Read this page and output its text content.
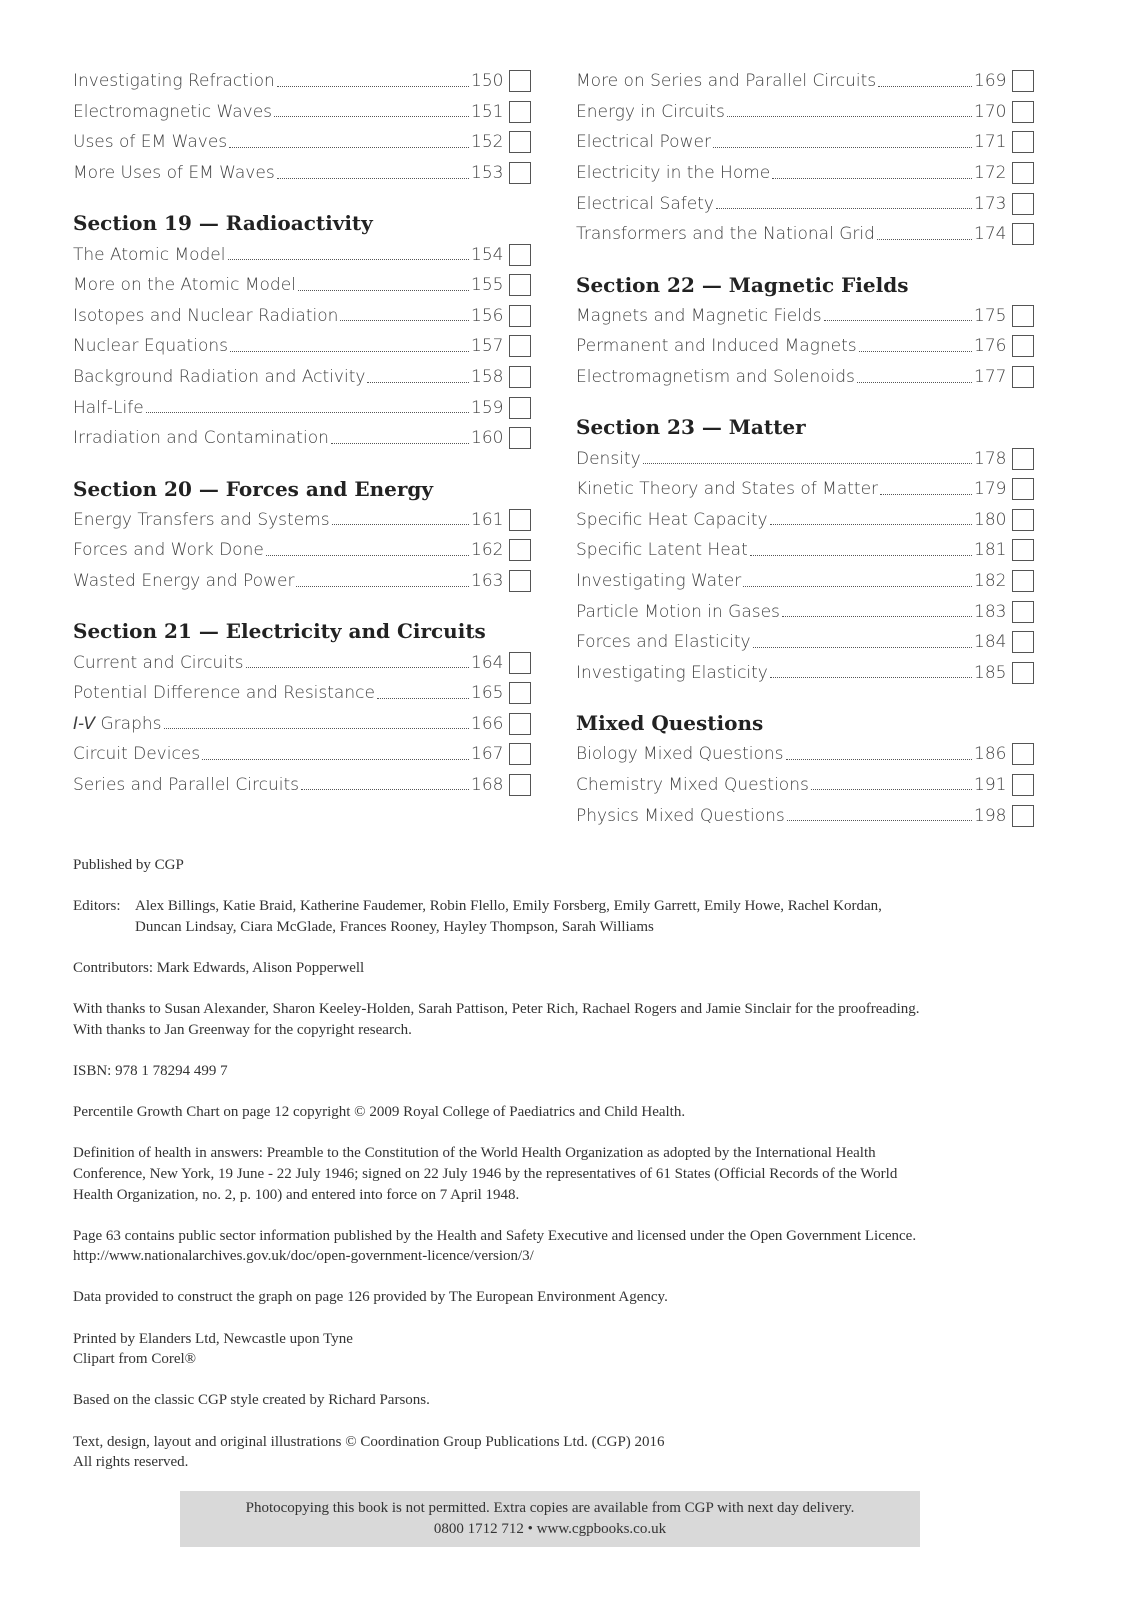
Investigating Refraction	150
Electromagnetic Waves	151
Uses of EM Waves	152
More Uses of EM Waves	153
Section 19 — Radioactivity
The Atomic Model	154
More on the Atomic Model	155
Isotopes and Nuclear Radiation	156
Nuclear Equations	157
Background Radiation and Activity	158
Half-Life	159
Irradiation and Contamination	160
Section 20 — Forces and Energy
Energy Transfers and Systems	161
Forces and Work Done	162
Wasted Energy and Power	163
Section 21 — Electricity and Circuits
Current and Circuits	164
Potential Difference and Resistance	165
I-V Graphs	166
Circuit Devices	167
Series and Parallel Circuits	168
More on Series and Parallel Circuits	169
Energy in Circuits	170
Electrical Power	171
Electricity in the Home	172
Electrical Safety	173
Transformers and the National Grid	174
Section 22 — Magnetic Fields
Magnets and Magnetic Fields	175
Permanent and Induced Magnets	176
Electromagnetism and Solenoids	177
Section 23 — Matter
Density	178
Kinetic Theory and States of Matter	179
Specific Heat Capacity	180
Specific Latent Heat	181
Investigating Water	182
Particle Motion in Gases	183
Forces and Elasticity	184
Investigating Elasticity	185
Mixed Questions
Biology Mixed Questions	186
Chemistry Mixed Questions	191
Physics Mixed Questions	198

Published by CGP

Editors: Alex Billings, Katie Braid, Katherine Faudemer, Robin Flello, Emily Forsberg, Emily Garrett, Emily Howe, Rachel Kordan,
Duncan Lindsay, Ciara McGlade, Frances Rooney, Hayley Thompson, Sarah Williams

Contributors: Mark Edwards, Alison Popperwell

With thanks to Susan Alexander, Sharon Keeley-Holden, Sarah Pattison, Peter Rich, Rachael Rogers and Jamie Sinclair for the proofreading.
With thanks to Jan Greenway for the copyright research.

ISBN: 978 1 78294 499 7

Percentile Growth Chart on page 12 copyright © 2009 Royal College of Paediatrics and Child Health.

Definition of health in answers: Preamble to the Constitution of the World Health Organization as adopted by the International Health
Conference, New York, 19 June - 22 July 1946; signed on 22 July 1946 by the representatives of 61 States (Official Records of the World
Health Organization, no. 2, p. 100) and entered into force on 7 April 1948.

Page 63 contains public sector information published by the Health and Safety Executive and licensed under the Open Government Licence.
http://www.nationalarchives.gov.uk/doc/open-government-licence/version/3/

Data provided to construct the graph on page 126 provided by The European Environment Agency.

Printed by Elanders Ltd, Newcastle upon Tyne
Clipart from Corel®

Based on the classic CGP style created by Richard Parsons.

Text, design, layout and original illustrations © Coordination Group Publications Ltd. (CGP) 2016
All rights reserved.

Photocopying this book is not permitted. Extra copies are available from CGP with next day delivery.
0800 1712 712 • www.cgpbooks.co.uk
